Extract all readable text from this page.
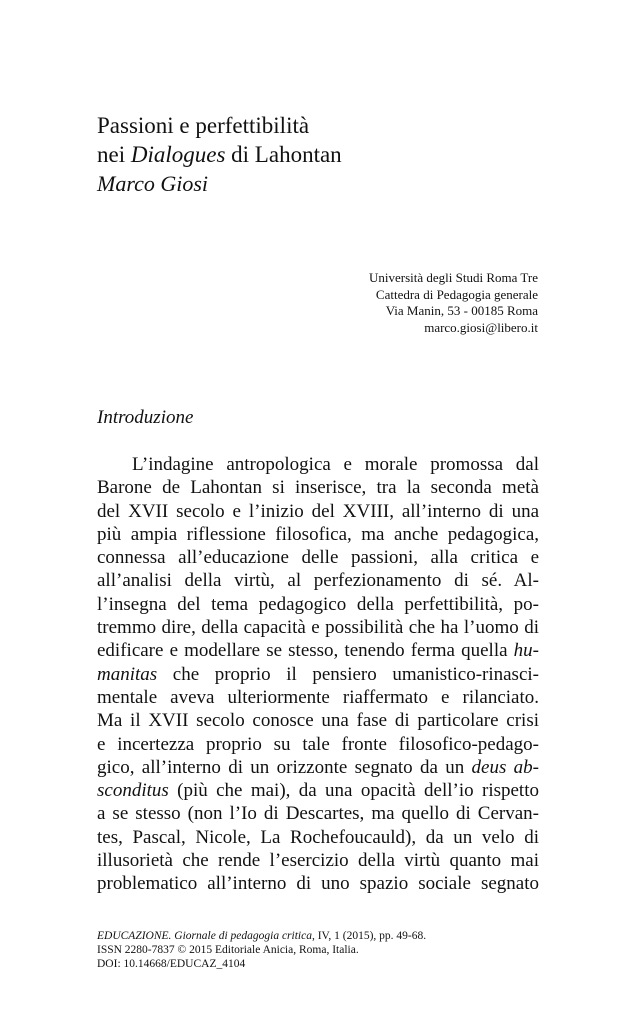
Passioni e perfettibilità
nei Dialogues di Lahontan
Marco Giosi
Università degli Studi Roma Tre
Cattedra di Pedagogia generale
Via Manin, 53 - 00185 Roma
marco.giosi@libero.it
Introduzione
L’indagine antropologica e morale promossa dal
Barone de Lahontan si inserisce, tra la seconda metà
del XVII secolo e l’inizio del XVIII, all’interno di una
più ampia riflessione filosofica, ma anche pedagogica,
connessa all’educazione delle passioni, alla critica e
all’analisi della virtù, al perfezionamento di sé. Al-
l’insegna del tema pedagogico della perfettibilità, po-
tremmo dire, della capacità e possibilità che ha l’uomo di
edificare e modellare se stesso, tenendo ferma quella hu-
manitas che proprio il pensiero umanistico-rinasci-
mentale aveva ulteriormente riaffermato e rilanciato.
Ma il XVII secolo conosce una fase di particolare crisi
e incertezza proprio su tale fronte filosofico-pedago-
gico, all’interno di un orizzonte segnato da un deus ab-
sconditus (più che mai), da una opacità dell’io rispetto
a se stesso (non l’Io di Descartes, ma quello di Cervan-
tes, Pascal, Nicole, La Rochefoucauld), da un velo di
illusorietà che rende l’esercizio della virtù quanto mai
problematico all’interno di uno spazio sociale segnato
EDUCAZIONE. Giornale di pedagogia critica, IV, 1 (2015), pp. 49-68.
ISSN 2280-7837 © 2015 Editoriale Anicia, Roma, Italia.
DOI: 10.14668/EDUCAZ_4104
